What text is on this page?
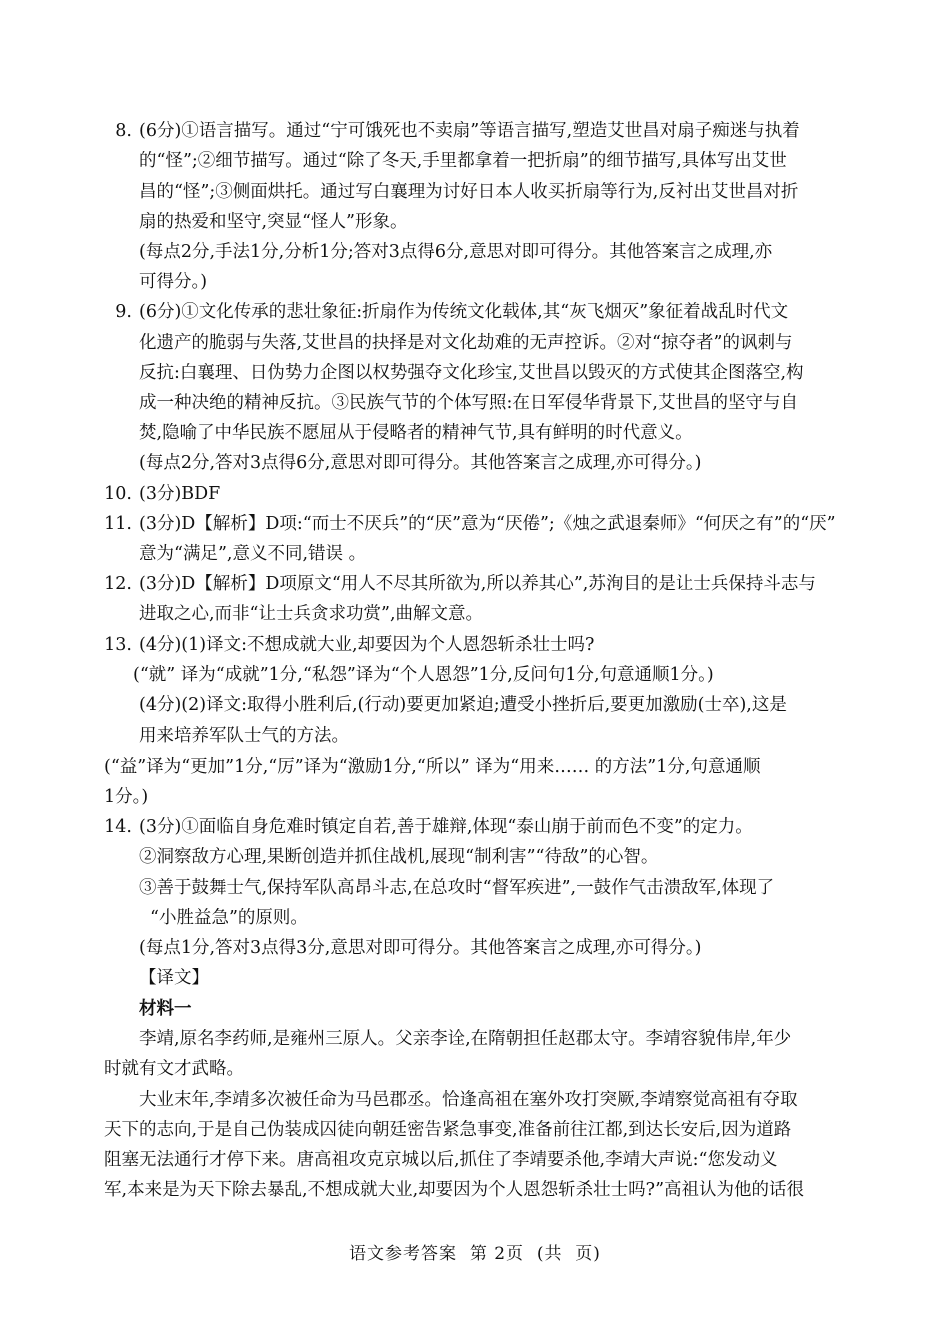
8. (6分)①语言描写。通过“宁可饿死也不卖扇”等语言描写,塑造艾世昌对扇子痴迷与执着
的“怪”;②细节描写。通过“除了冬天,手里都拿着一把折扇”的细节描写,具体写出艾世
昌的“怪”;③侧面烘托。通过写白襄理为讨好日本人收买折扇等行为,反衬出艾世昌对折
扇的热爱和坚守,突显“怪人”形象。
(每点2分,手法1分,分析1分;答对3点得6分,意思对即可得分。其他答案言之成理,亦
可得分。)
9. (6分)①文化传承的悲壮象征:折扇作为传统文化载体,其“灰飞烟灭”象征着战乱时代文
化遗产的脆弱与失落,艾世昌的抉择是对文化劫难的无声控诉。②对“掠夺者”的讽刺与
反抗:白襄理、日伪势力企图以权势强夺文化珍宝,艾世昌以毁灭的方式使其企图落空,构
成一种决绝的精神反抗。③民族气节的个体写照:在日军侵华背景下,艾世昌的坚守与自
焚,隐喻了中华民族不愿屈从于侵略者的精神气节,具有鲜明的时代意义。
(每点2分,答对3点得6分,意思对即可得分。其他答案言之成理,亦可得分。)
10. (3分)BDF
11. (3分)D【解析】D项:“而士不厌兵”的“厌”意为“厌倦”;《烛之武退秦师》“何厌之有”的“厌”
意为“满足”,意义不同,错误 。
12. (3分)D【解析】D项原文“用人不尽其所欲为,所以养其心”,苏洵目的是让士兵保持斗志与
进取之心,而非“让士兵贪求功赏”,曲解文意。
13. (4分)(1)译文:不想成就大业,却要因为个人恩怨斩杀壮士吗?
(“就” 译为“成就”1分,“私怨”译为“个人恩怨”1分,反问句1分,句意通顺1分。)
(4分)(2)译文:取得小胜利后,(行动)要更加紧迫;遭受小挫折后,要更加激励(士卒),这是
用来培养军队士气的方法。
(“益”译为“更加”1分,“厉”译为“激励1分,“所以” 译为“用来…… 的方法”1分,句意通顺
1分。)
14. (3分)①面临自身危难时镇定自若,善于雄辩,体现“泰山崩于前而色不变”的定力。
②洞察敌方心理,果断创造并抓住战机,展现“制利害”“待敌”的心智。
③善于鼓舞士气,保持军队高昂斗志,在总攻时“督军疾进”,一鼓作气击溃敌军,体现了
“小胜益急”的原则。
(每点1分,答对3点得3分,意思对即可得分。其他答案言之成理,亦可得分。)
【译文】
材料一
李靖,原名李药师,是雍州三原人。父亲李诠,在隋朝担任赵郡太守。李靖容貌伟岸,年少
时就有文才武略。
大业末年,李靖多次被任命为马邑郡丞。恰逢高祖在塞外攻打突厥,李靖察觉高祖有夺取
天下的志向,于是自己伪装成囚徒向朝廷密告紧急事变,准备前往江都,到达长安后,因为道路
阻塞无法通行才停下来。唐高祖攻克京城以后,抓住了李靖要杀他,李靖大声说:“您发动义
军,本来是为天下除去暴乱,不想成就大业,却要因为个人恩怨斩杀壮士吗?”高祖认为他的话很
语文参考答案  第 2页  (共  页)
